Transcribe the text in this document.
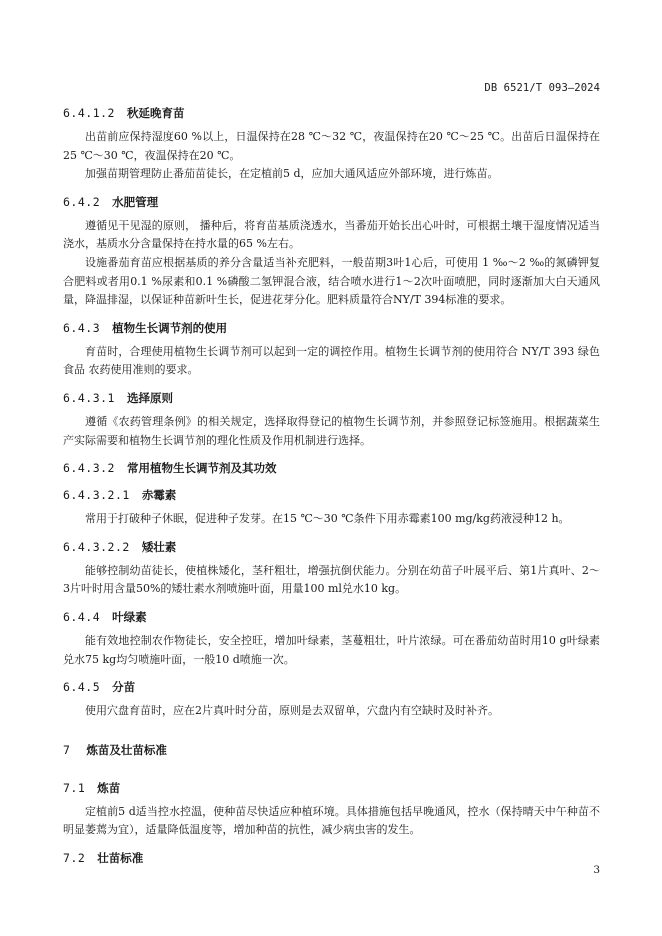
DB 6521/T 093—2024
6.4.1.2 秋延晚育苗

出苗前应保持湿度60 %以上，日温保持在28 ℃～32 ℃，夜温保持在20 ℃～25 ℃。出苗后日温保持在25 ℃～30 ℃，夜温保持在20 ℃。

加强苗期管理防止番茄苗徒长，在定植前5 d，应加大通风适应外部环境，进行炼苗。

6.4.2 水肥管理

遵循见干见湿的原则， 播种后，将育苗基质浇透水，当番茄开始长出心叶时，可根据土壤干湿度情况适当浇水，基质水分含量保持在持水量的65 %左右。

设施番茄育苗应根据基质的养分含量适当补充肥料，一般苗期3叶1心后，可使用 1 ‰～2 ‰的氮磷钾复合肥料或者用0.1 %尿素和0.1 %磷酸二氢钾混合液，结合喷水进行1～2次叶面喷肥，同时逐渐加大白天通风量，降温排湿，以保证种苗新叶生长，促进花芽分化。肥料质量符合NY/T 394标准的要求。

6.4.3 植物生长调节剂的使用

育苗时，合理使用植物生长调节剂可以起到一定的调控作用。植物生长调节剂的使用符合 NY/T 393 绿色食品 农药使用准则的要求。

6.4.3.1 选择原则

遵循《农药管理条例》的相关规定，选择取得登记的植物生长调节剂，并参照登记标签施用。根据蔬菜生产实际需要和植物生长调节剂的理化性质及作用机制进行选择。

6.4.3.2 常用植物生长调节剂及其功效
6.4.3.2.1 赤霉素

常用于打破种子休眠，促进种子发芽。在15 ℃～30 ℃条件下用赤霉素100 mg/kg药液浸种12 h。

6.4.3.2.2 矮壮素

能够控制幼苗徒长，使植株矮化，茎秆粗壮，增强抗倒伏能力。分别在幼苗子叶展平后、第1片真叶、2～3片叶时用含量50%的矮壮素水剂喷施叶面，用量100 ml兑水10 kg。

6.4.4 叶绿素

能有效地控制农作物徒长，安全控旺，增加叶绿素，茎蔓粗壮，叶片浓绿。可在番茄幼苗时用10 g叶绿素兑水75 kg均匀喷施叶面，一般10 d喷施一次。

6.4.5 分苗

使用穴盘育苗时，应在2片真叶时分苗，原则是去双留单，穴盘内有空缺时及时补齐。

7 炼苗及壮苗标准
7.1 炼苗

定植前5 d适当控水控温，使种苗尽快适应种植环境。具体措施包括早晚通风，控水（保持晴天中午种苗不明显萎蔫为宜），适量降低温度等，增加种苗的抗性，减少病虫害的发生。

7.2 壮苗标准
3
